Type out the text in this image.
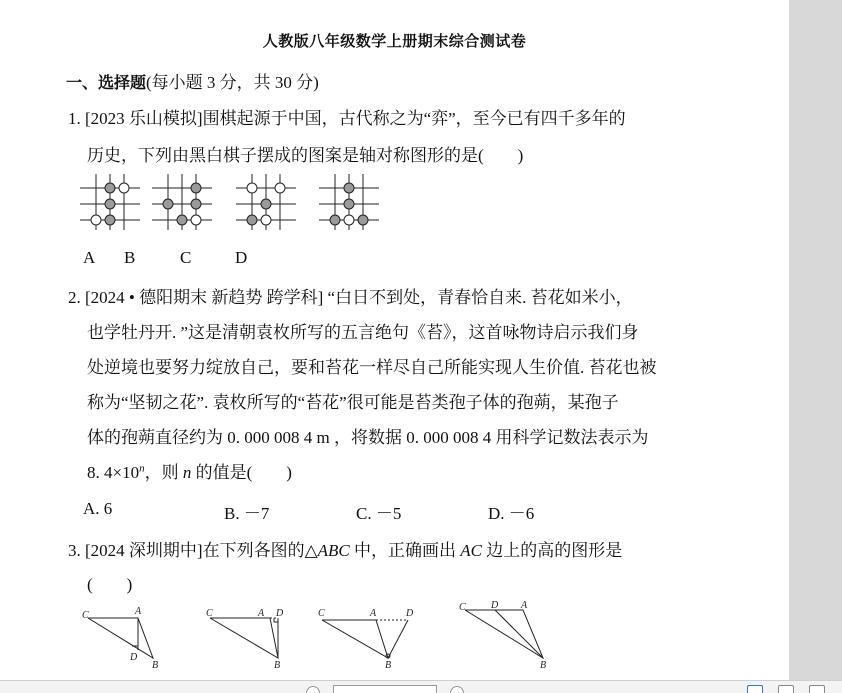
人教版八年级数学上册期末综合测试卷
一、选择题(每小题 3 分，共 30 分)
1. [2023 乐山模拟]围棋起源于中国，古代称之为“弈”，至今已有四千多年的
历史，下列由黑白棋子摆成的图案是轴对称图形的是(　　)
A B	C	D
2. [2024 • 德阳期末 新趋势 跨学科] “白日不到处，青春恰自来. 苔花如米小，
也学牡丹开. ”这是清朝袁枚所写的五言绝句《苔》，这首咏物诗启示我们身
处逆境也要努力绽放自己，要和苔花一样尽自己所能实现人生价值. 苔花也被
称为“坚韧之花”. 袁枚所写的“苔花”很可能是苔类孢子体的孢蒴，某孢子
体的孢蒴直径约为 0. 000 008 4 m ，将数据 0. 000 008 4 用科学记数法表示为
8. $4\times 10^n$，则 n 的值是(　　)
A. 6	B. －7	C. －5	D. －6
3. [2024 深圳期中]在下列各图的△ABC 中，正确画出 AC 边上的高的图形是
(　　)
C	A
D
B
C	A D
B
C	A	D
B
C	D A
B
